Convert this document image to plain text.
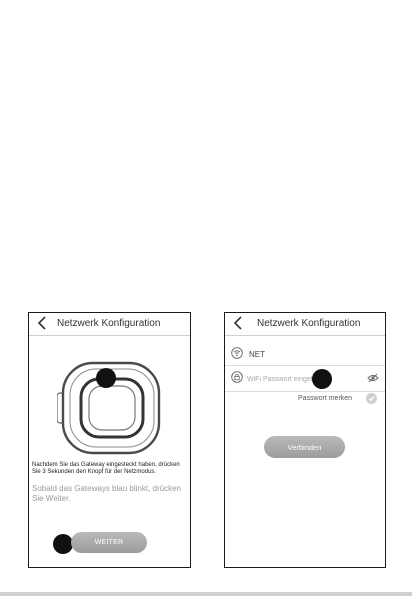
Netzwerk Konfiguration
Nachdem Sie das Gateway eingesteckt haben, drücken Sie 3 Sekunden den Knopf für der Netzmodus.
Sobald das Gateways blau blinkt, drücken Sie Weiter.
WEITER
Netzwerk Konfiguration
NET
WiFi Passwort eingeben
Passwort merken
Verbinden
